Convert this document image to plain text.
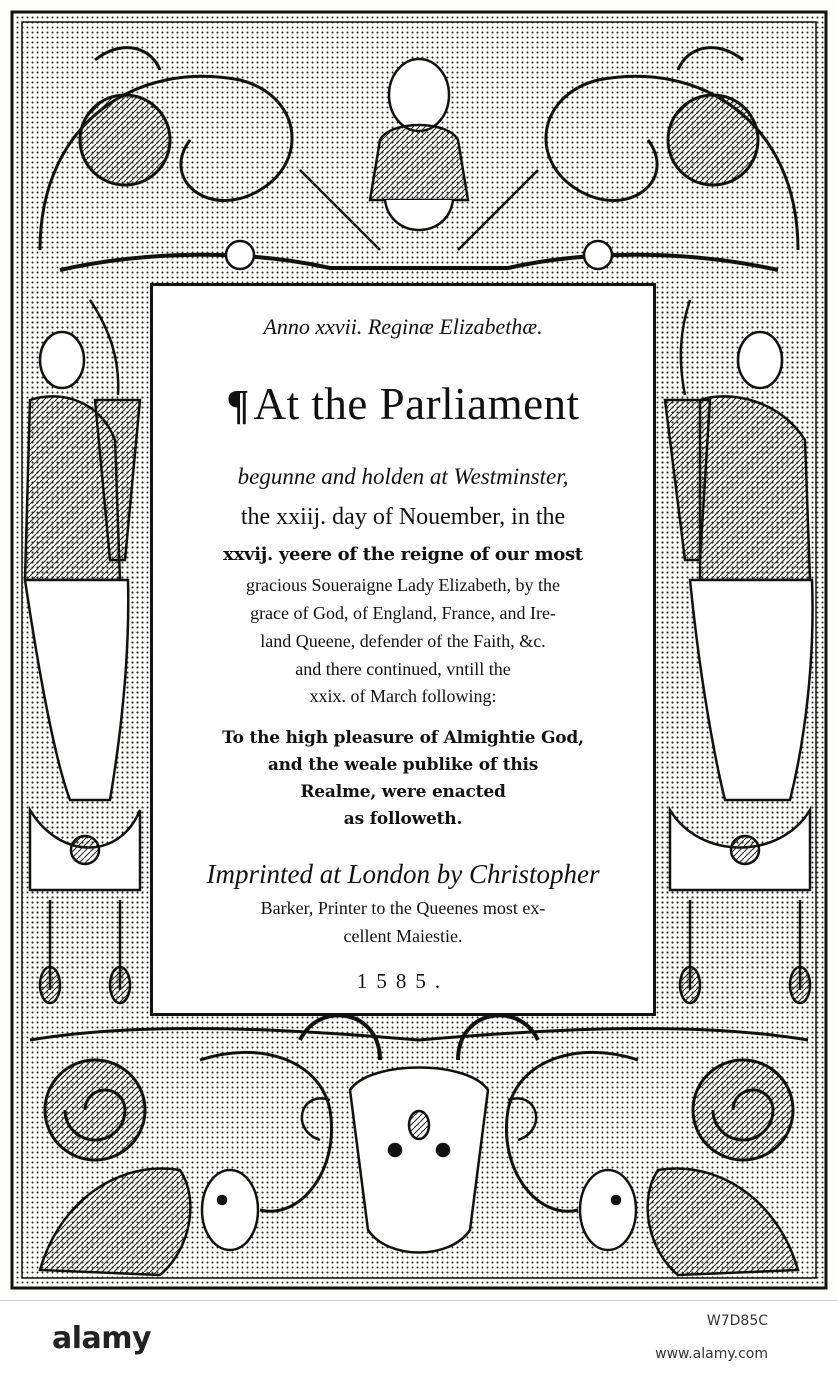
Anno xxvii. Reginæ Elizabethæ.
¶At the Parliament
begunne and holden at Westminster,
the xxiij. day of Nouember, in the
xxvij. yeere of the reigne of our most
gracious Soueraigne Lady Elizabeth, by the
grace of God, of England, France, and Ire-
land Queene, defender of the Faith, &c.
and there continued, vntill the
xxix. of March following:
To the high pleasure of Almightie God,
and the weale publike of this
Realme, were enacted
as followeth.
Imprinted at London by Christopher
Barker, Printer to the Queenes most ex-
cellent Maiestie.
1585.
alamy	W7D85C
www.alamy.com
